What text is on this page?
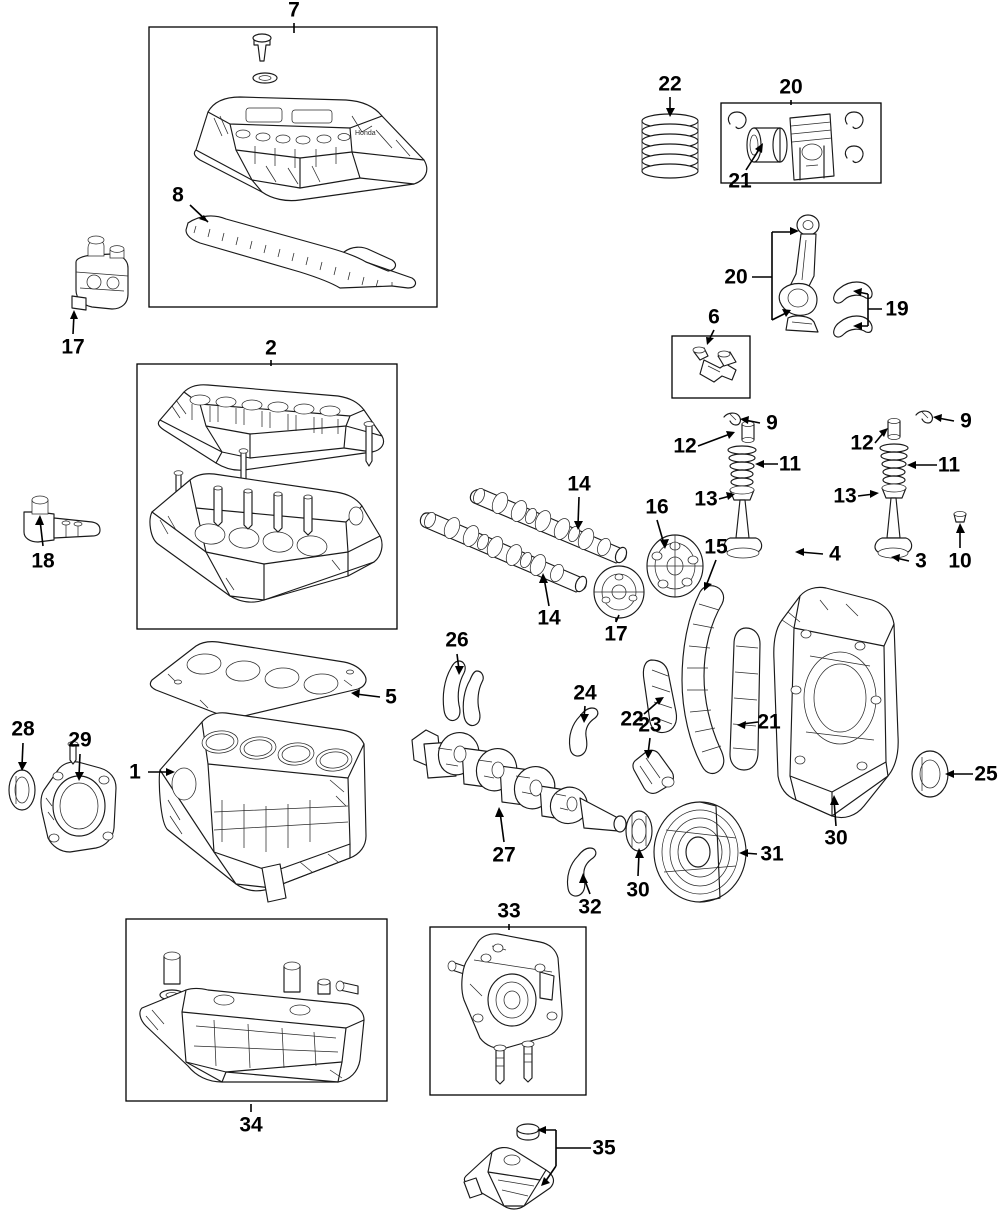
Honda
7
8
17	2
18
5
1
28 29
22	20
21
20
19
6
9	9
12	12
11	11
13	13
4	3 10
14
14
16
17
15
26
24
22
23	21
30
25
27
30
31
32
33
34
35
